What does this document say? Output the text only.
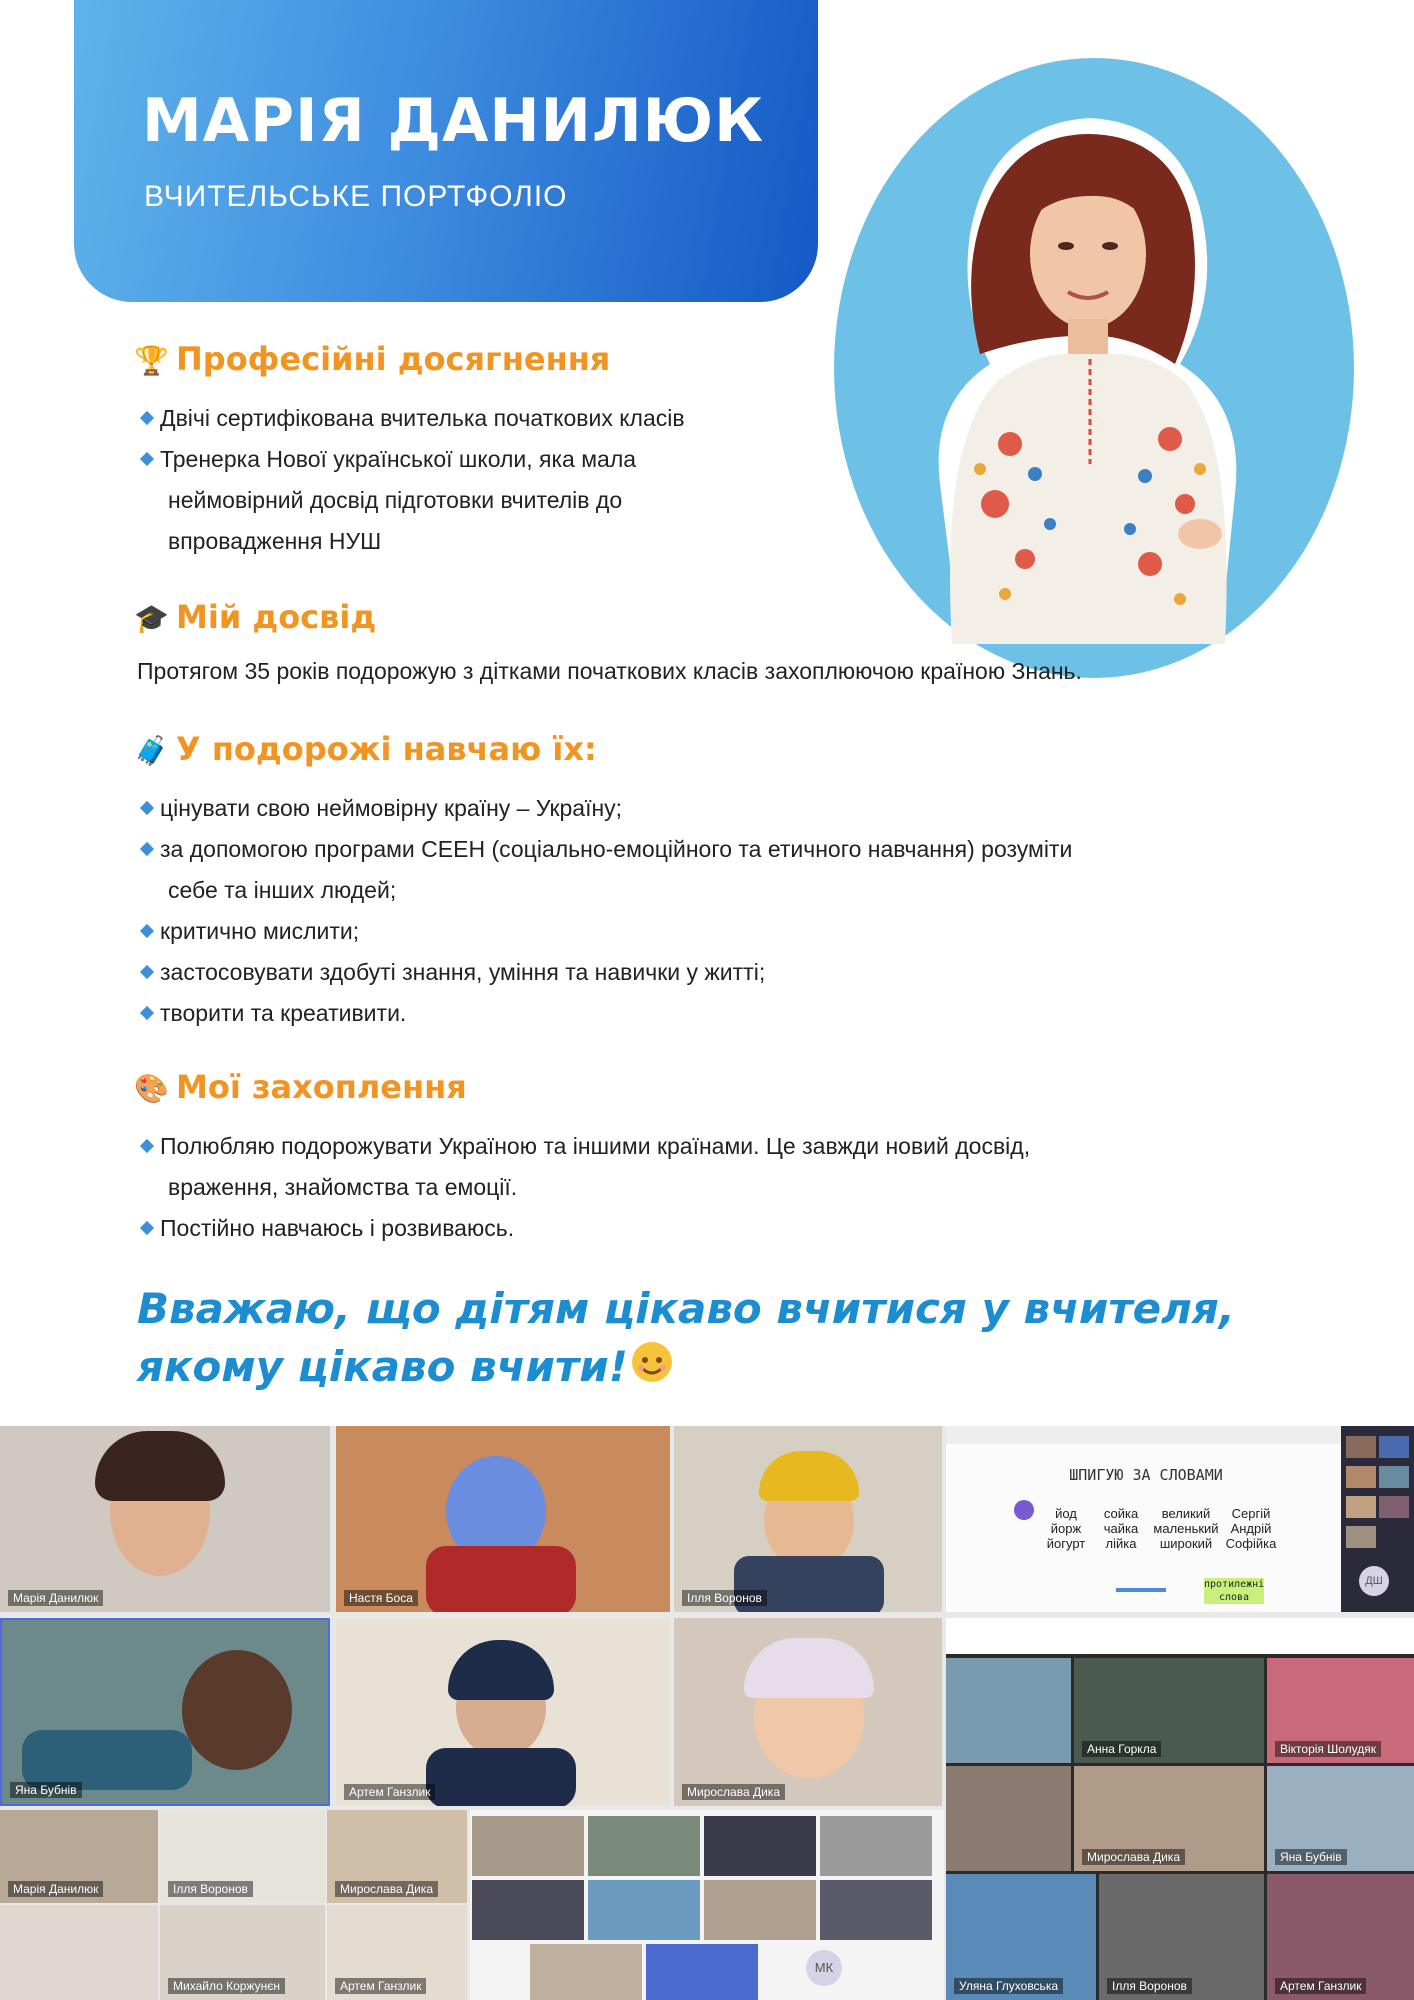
МАРІЯ ДАНИЛЮК
ВЧИТЕЛЬСЬКЕ ПОРТФОЛІО
🏆 Професійні досягнення
Двічі сертифікована вчителька початкових класів
Тренерка Нової української школи, яка мала
неймовірний досвід підготовки вчителів до
впровадження НУШ
🎓 Мій досвід
Протягом 35 років подорожую з дітками початкових класів захоплюючою країною Знань.
🧳 У подорожі навчаю їх:
цінувати свою неймовірну країну – Україну;
за допомогою програми СЕЕН (соціально-емоційного та етичного навчання) розуміти
себе та інших людей;
критично мислити;
застосовувати здобуті знання, уміння та навички у житті;
творити та креативити.
🎨 Мої захоплення
Полюбляю подорожувати Україною та іншими країнами. Це завжди новий досвід,
враження, знайомства та емоції.
Постійно навчаюсь і розвиваюсь.
Вважаю, що дітям цікаво вчитися у вчителя,
якому цікаво вчити!
Марія Данилюк	Настя Боса	Ілля Воронов
Яна Бубнів	Артем Ганзлик	Мирослава Дика
ШПИГУЮ ЗА СЛОВАМИ
йод
йорж
йогурт
сойка
чайка
лійка
великий
маленький
широкий
Сергій
Андрій
Софійка
протилежні слова
ДШ
Анна Горкла	Вікторія Шолудяк
Мирослава Дика	Яна Бубнів
Уляна Глуховська	Ілля Воронов	Артем Ганзлик
Марія Данилюк	Ілля Воронов	Мирослава Дика
Михайло Коржунєн	Артем Ганзлик
МК
